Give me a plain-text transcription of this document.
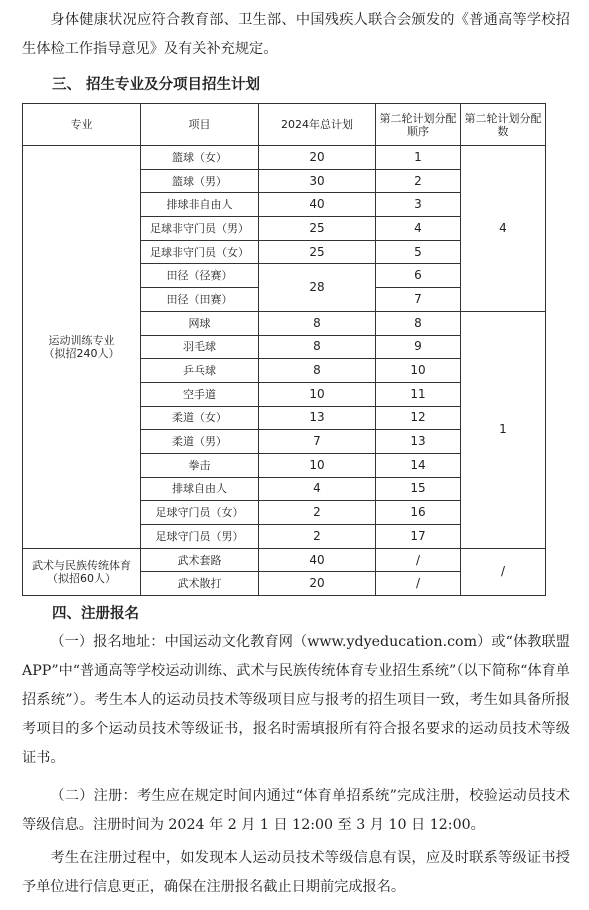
身体健康状况应符合教育部、卫生部、中国残疾人联合会颁发的《普通高等学校招生体检工作指导意见》及有关补充规定。

三、 招生专业及分项目招生计划

专业	项目	2024年总计划	第二轮计划分配顺序	第二轮计划分配数
运动训练专业
（拟招240人）	篮球（女）	20	1	4
	篮球（男）	30	2	
	排球非自由人	40	3	
	足球非守门员（男）	25	4	
	足球非守门员（女）	25	5	
	田径（径赛）	28	6	
	田径（田赛）		7	
	网球	8	8	1
	羽毛球	8	9	
	乒乓球	8	10	
	空手道	10	11	
	柔道（女）	13	12	
	柔道（男）	7	13	
	拳击	10	14	
	排球自由人	4	15	
	足球守门员（女）	2	16	
	足球守门员（男）	2	17	
武术与民族传统体育
（拟招60人）	武术套路	40	/	/
	武术散打	20	/	

四、注册报名

（一）报名地址：中国运动文化教育网（www.ydyeducation.com）或“体教联盟 APP”中“普通高等学校运动训练、武术与民族传统体育专业招生系统”（以下简称“体育单招系统”）。考生本人的运动员技术等级项目应与报考的招生项目一致，考生如具备所报考项目的多个运动员技术等级证书，报名时需填报所有符合报名要求的运动员技术等级证书。

（二）注册：考生应在规定时间内通过“体育单招系统”完成注册，校验运动员技术等级信息。注册时间为 2024 年 2 月 1 日 12:00 至 3 月 10 日 12:00。

考生在注册过程中，如发现本人运动员技术等级信息有误，应及时联系等级证书授予单位进行信息更正，确保在注册报名截止日期前完成报名。
